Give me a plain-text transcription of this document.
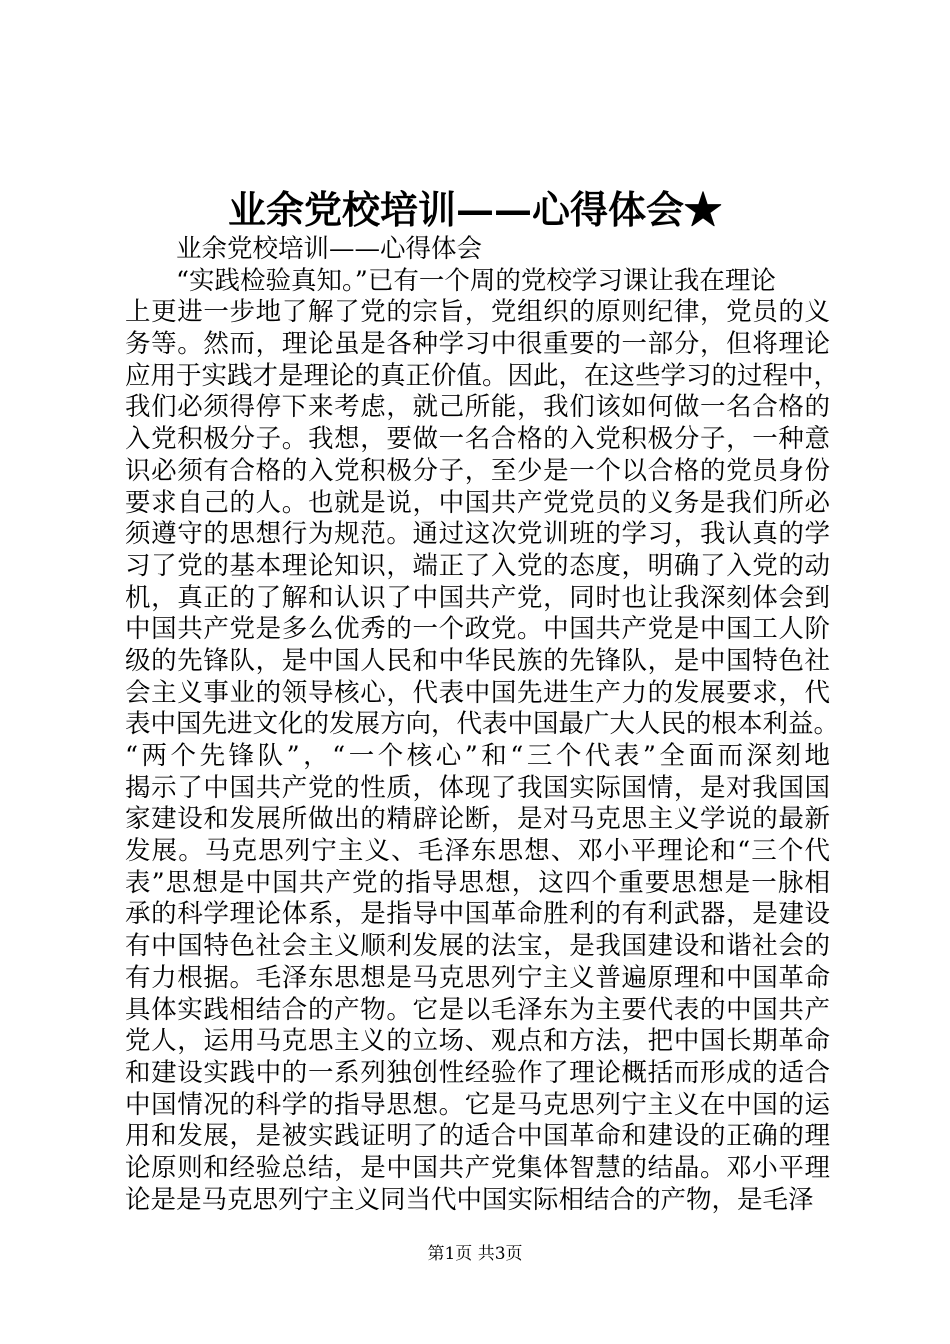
业余党校培训——心得体会★
业余党校培训——心得体会
“实践检验真知。”已有一个周的党校学习课让我在理论
上更进一步地了解了党的宗旨，党组织的原则纪律，党员的义
务等。然而，理论虽是各种学习中很重要的一部分，但将理论
应用于实践才是理论的真正价值。因此，在这些学习的过程中，
我们必须得停下来考虑，就己所能，我们该如何做一名合格的
入党积极分子。我想，要做一名合格的入党积极分子，一种意
识必须有合格的入党积极分子，至少是一个以合格的党员身份
要求自己的人。也就是说，中国共产党党员的义务是我们所必
须遵守的思想行为规范。通过这次党训班的学习，我认真的学
习了党的基本理论知识，端正了入党的态度，明确了入党的动
机，真正的了解和认识了中国共产党，同时也让我深刻体会到
中国共产党是多么优秀的一个政党。中国共产党是中国工人阶
级的先锋队，是中国人民和中华民族的先锋队，是中国特色社
会主义事业的领导核心，代表中国先进生产力的发展要求，代
表中国先进文化的发展方向，代表中国最广大人民的根本利益。
“两个先锋队”，“一个核心”和“三个代表”全面而深刻地
揭示了中国共产党的性质，体现了我国实际国情，是对我国国
家建设和发展所做出的精辟论断，是对马克思主义学说的最新
发展。马克思列宁主义、毛泽东思想、邓小平理论和“三个代
表”思想是中国共产党的指导思想，这四个重要思想是一脉相
承的科学理论体系，是指导中国革命胜利的有利武器，是建设
有中国特色社会主义顺利发展的法宝，是我国建设和谐社会的
有力根据。毛泽东思想是马克思列宁主义普遍原理和中国革命
具体实践相结合的产物。它是以毛泽东为主要代表的中国共产
党人，运用马克思主义的立场、观点和方法，把中国长期革命
和建设实践中的一系列独创性经验作了理论概括而形成的适合
中国情况的科学的指导思想。它是马克思列宁主义在中国的运
用和发展，是被实践证明了的适合中国革命和建设的正确的理
论原则和经验总结，是中国共产党集体智慧的结晶。邓小平理
论是是马克思列宁主义同当代中国实际相结合的产物，是毛泽
第1页 共3页
